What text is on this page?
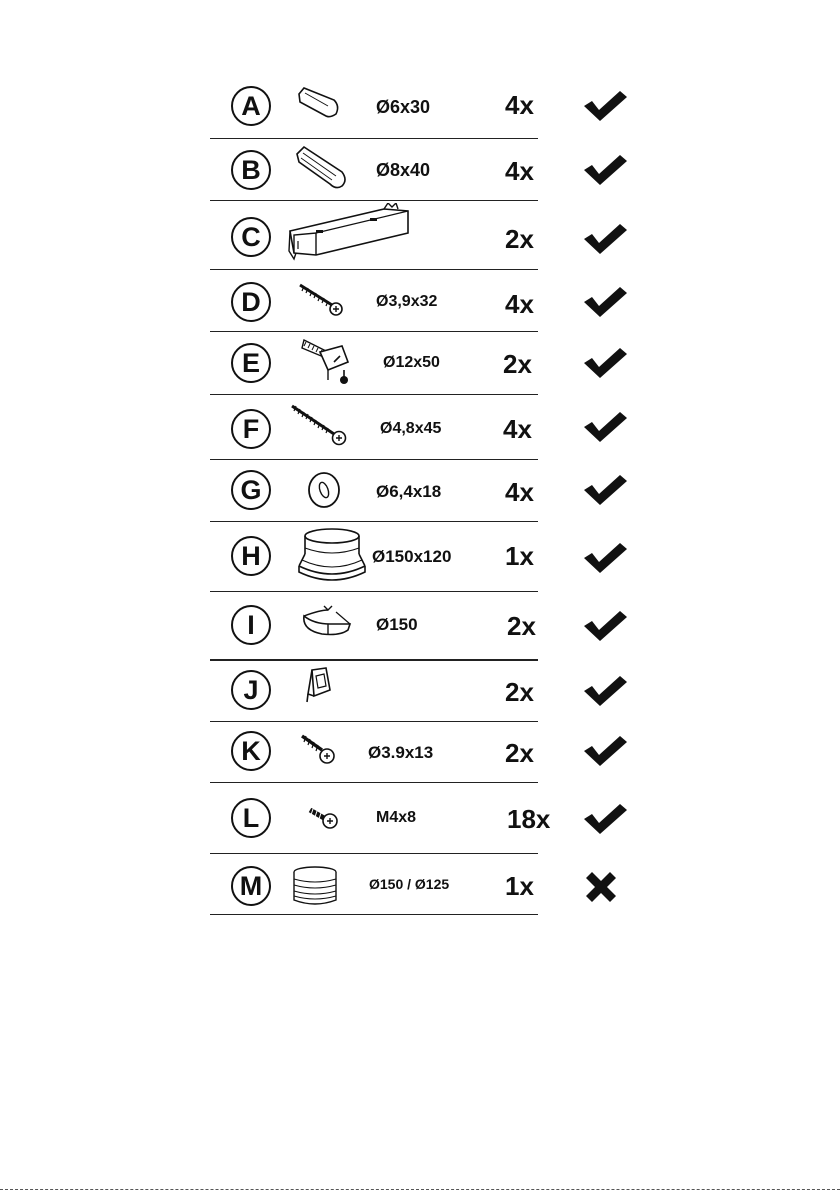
A	Ø6x30	4x
B	Ø8x40	4x
C	2x
D	Ø3,9x32	4x
E	Ø12x50 2x
F	Ø4,8x45 4x
G	Ø6,4x18 4x
H	Ø150x120 1x
I	Ø150	2x
J	2x
K	Ø3.9x13	2x
L	M4x8	18x
M	Ø150 / Ø125 1x
